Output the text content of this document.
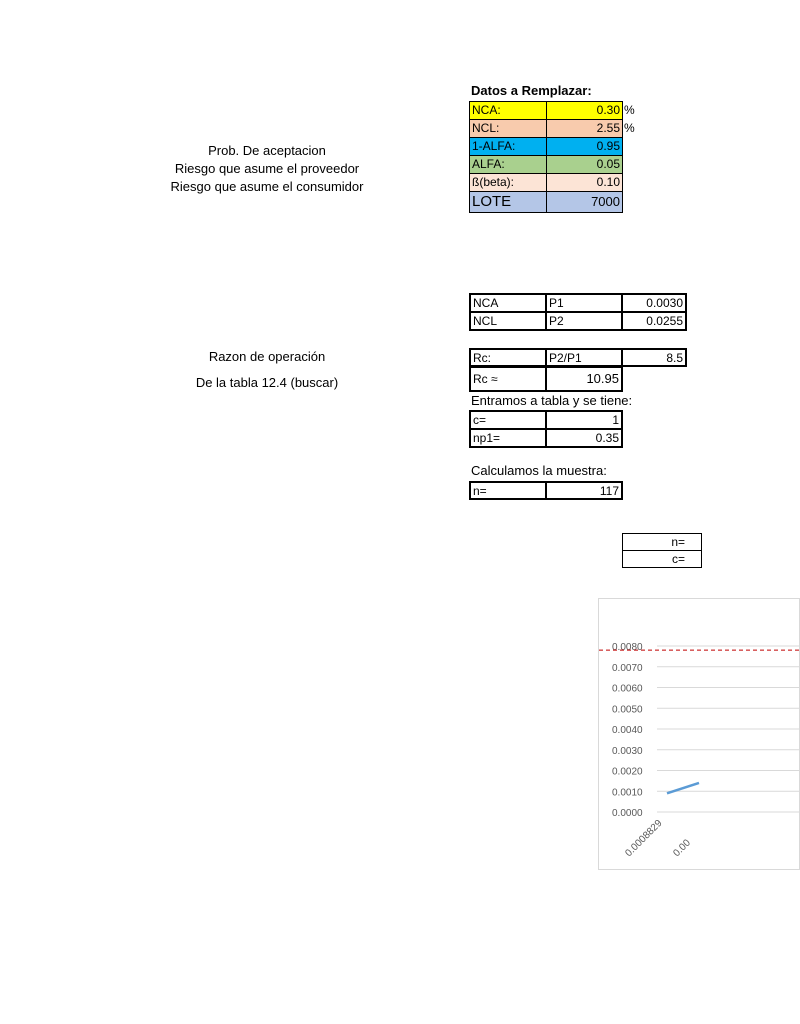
Prob. De aceptacion
Riesgo que asume el proveedor
Riesgo que asume el consumidor
Razon de operación
De la tabla 12.4 (buscar)
Datos a Remplazar:
NCA:	0.30 %
NCL:	2.55 %
1-ALFA:	0.95
ALFA:	0.05
ß(beta):	0.10
LOTE	7000
NCA	P1	0.0030
NCL	P2	0.0255
Rc:	P2/P1	8.5
Rc ≈	10.95
Entramos a tabla y se tiene:
c=	1
np1=	0.35
Calculamos la muestra:
n=	117
n=
c=
0.0080
0.0070
0.0060
0.0050
0.0040
0.0030
0.0020
0.0010
0.0000
0.0008829 0.00
